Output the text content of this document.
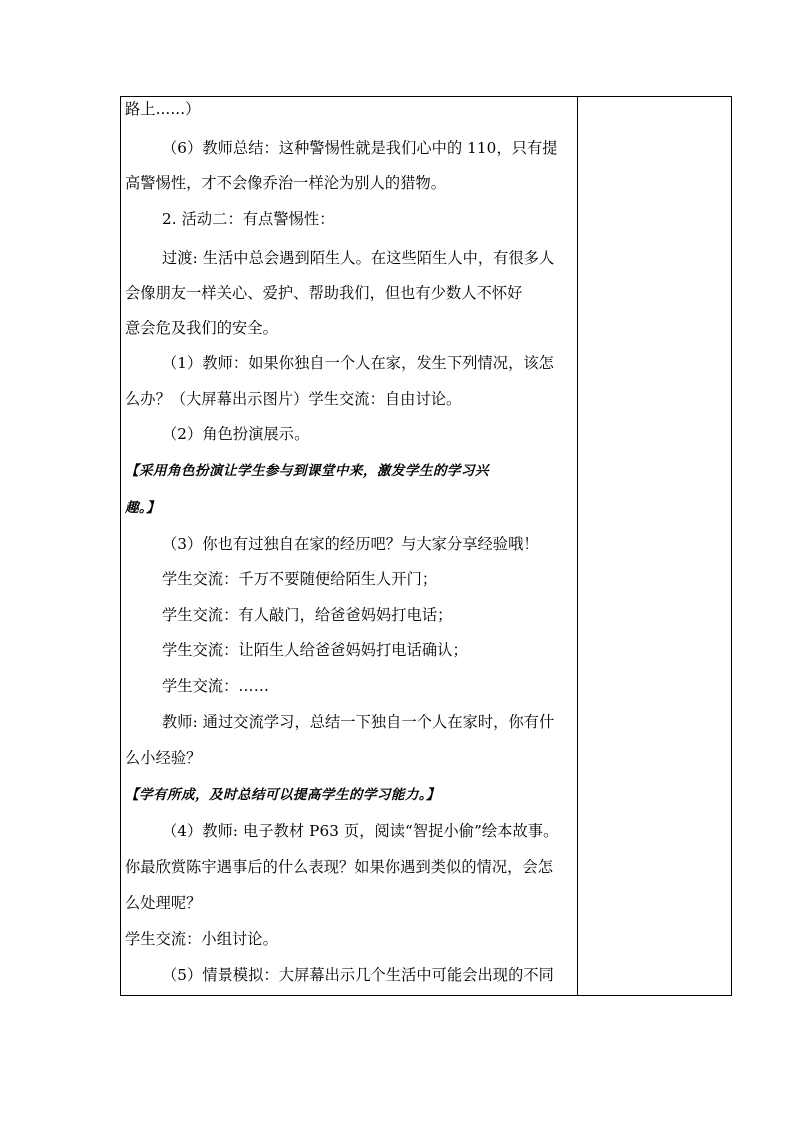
路上......）
（6）教师总结：这种警惕性就是我们心中的 110，只有提
高警惕性，才不会像乔治一样沦为别人的猎物。
2. 活动二：有点警惕性：
过渡: 生活中总会遇到陌生人。在这些陌生人中，有很多人
会像朋友一样关心、爱护、帮助我们，但也有少数人不怀好
意会危及我们的安全。
（1）教师：如果你独自一个人在家，发生下列情况，该怎
么办？（大屏幕出示图片）学生交流：自由讨论。
（2）角色扮演展示。
【采用角色扮演让学生参与到课堂中来，激发学生的学习兴
趣。】
（3）你也有过独自在家的经历吧？与大家分享经验哦！
学生交流：千万不要随便给陌生人开门；
学生交流：有人敲门，给爸爸妈妈打电话；
学生交流：让陌生人给爸爸妈妈打电话确认；
学生交流：……
教师: 通过交流学习，总结一下独自一个人在家时，你有什
么小经验？
【学有所成，及时总结可以提高学生的学习能力。】
（4）教师: 电子教材 P63 页，阅读“智捉小偷”绘本故事。
你最欣赏陈宇遇事后的什么表现？如果你遇到类似的情况，会怎
么处理呢？
学生交流：小组讨论。
（5）情景模拟：大屏幕出示几个生活中可能会出现的不同
